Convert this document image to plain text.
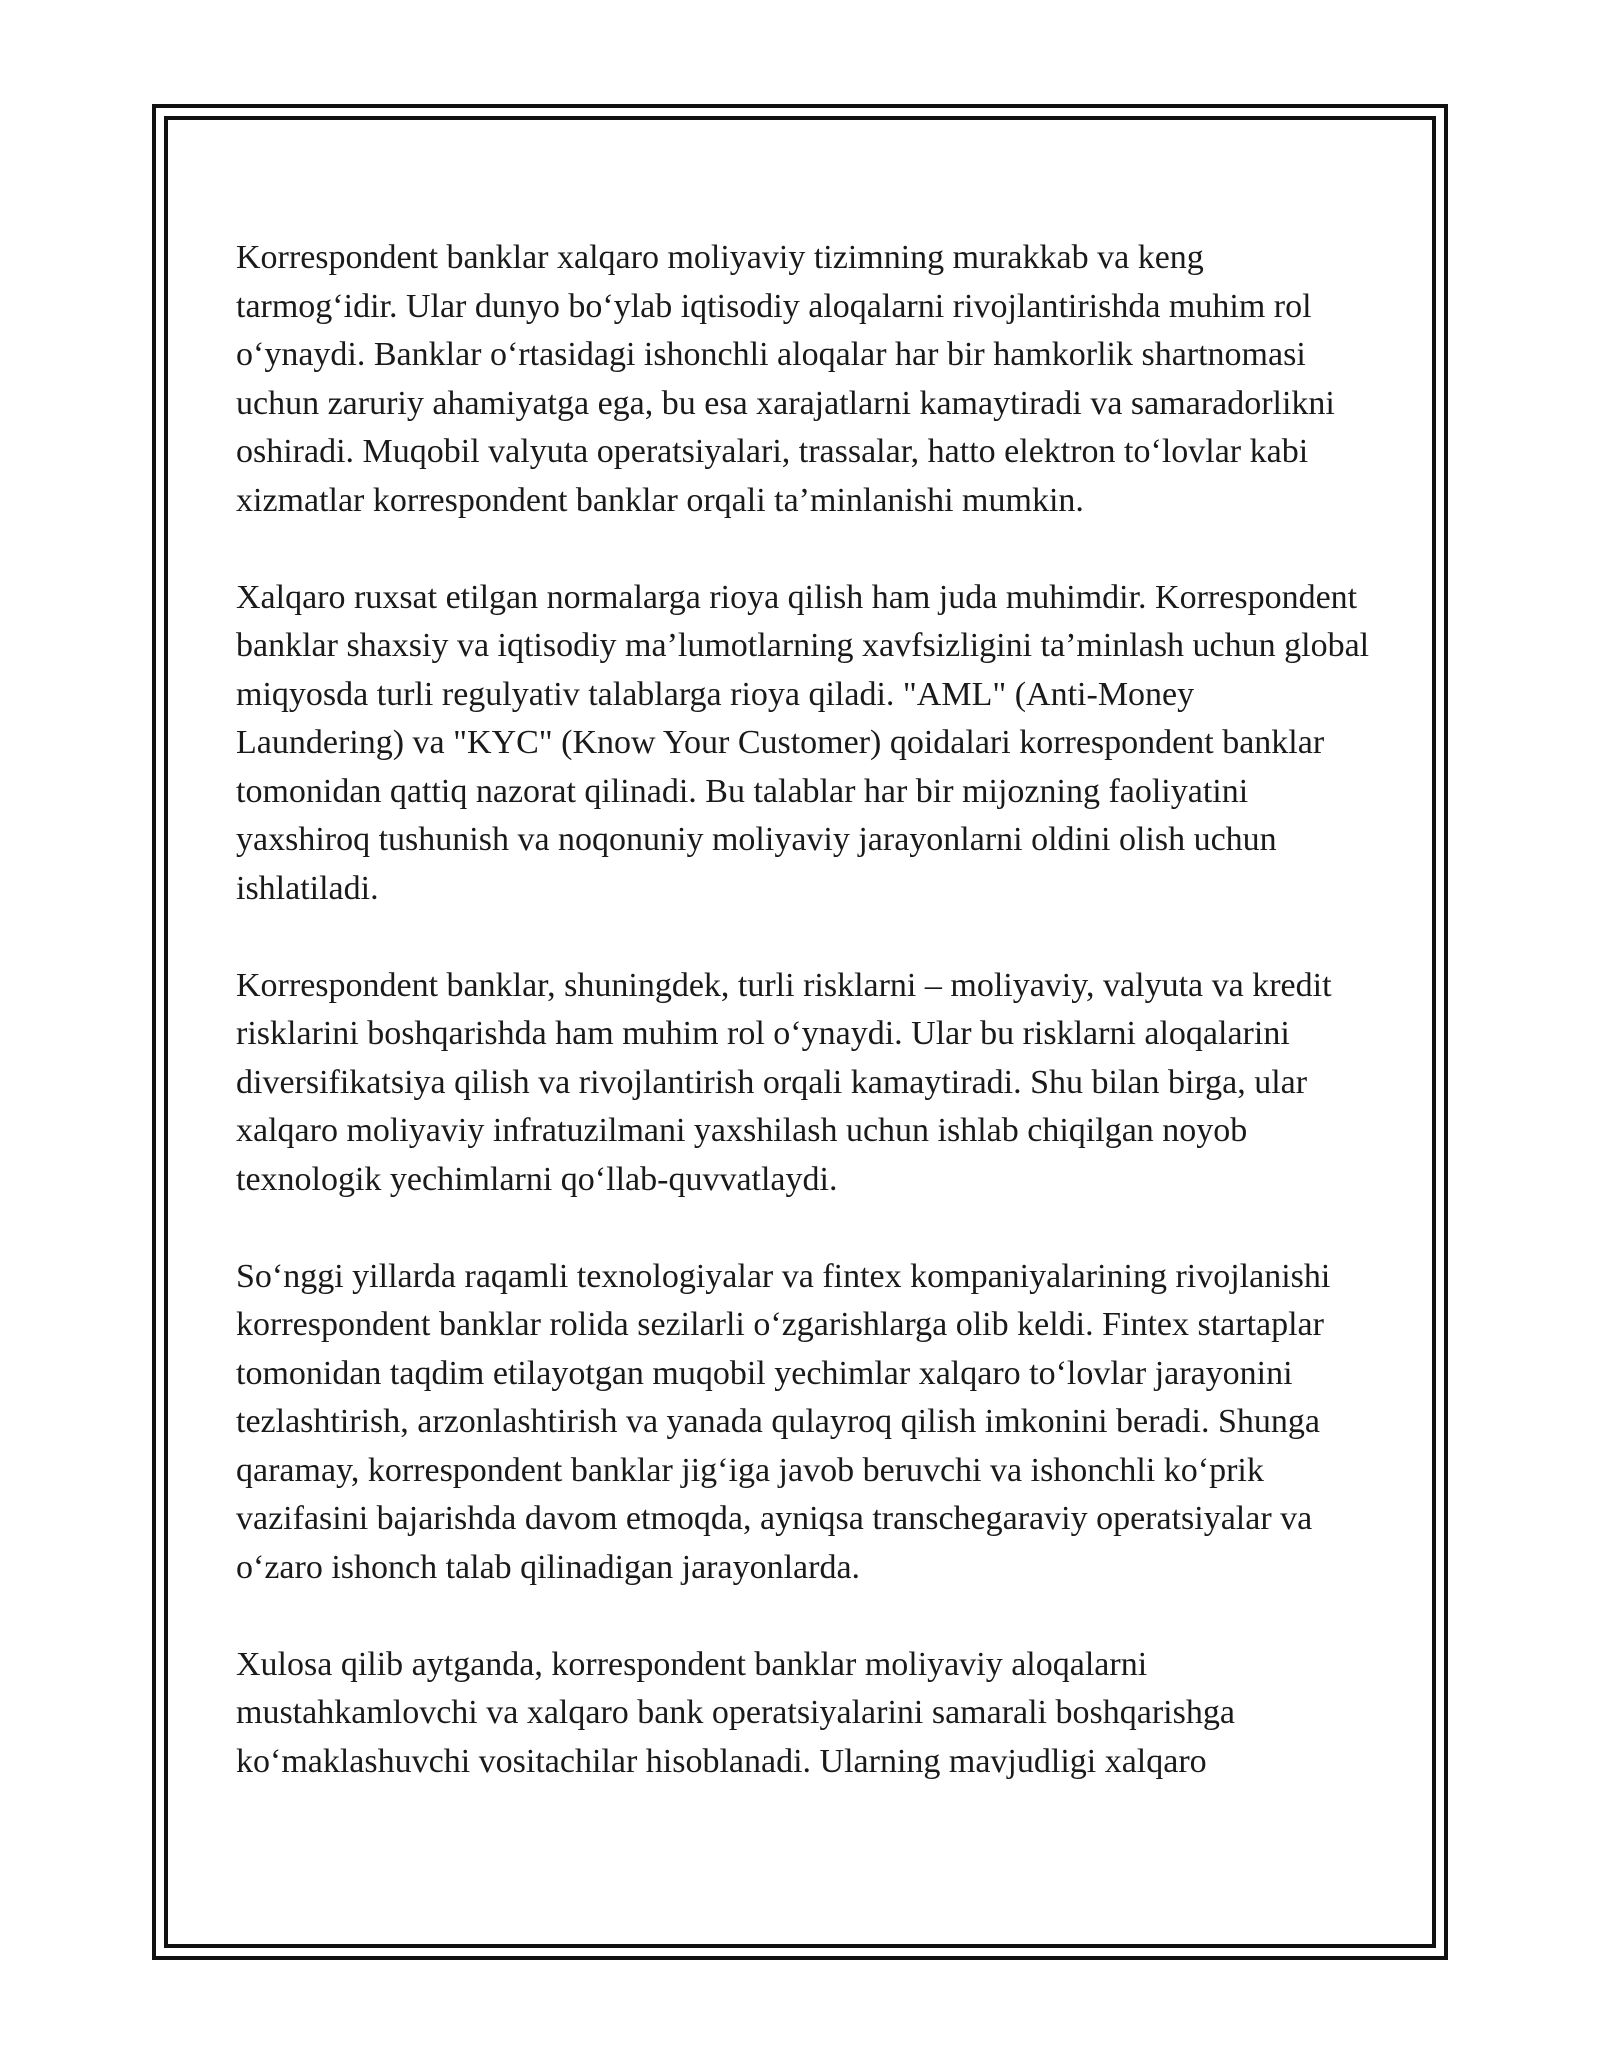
Korrespondent banklar xalqaro moliyaviy tizimning murakkab va keng tarmog‘idir. Ular dunyo bo‘ylab iqtisodiy aloqalarni rivojlantirishda muhim rol o‘ynaydi. Banklar o‘rtasidagi ishonchli aloqalar har bir hamkorlik shartnomasi uchun zaruriy ahamiyatga ega, bu esa xarajatlarni kamaytiradi va samaradorlikni oshiradi. Muqobil valyuta operatsiyalari, trassalar, hatto elektron to‘lovlar kabi xizmatlar korrespondent banklar orqali ta’minlanishi mumkin.

Xalqaro ruxsat etilgan normalarga rioya qilish ham juda muhimdir. Korrespondent banklar shaxsiy va iqtisodiy ma’lumotlarning xavfsizligini ta’minlash uchun global miqyosda turli regulyativ talablarga rioya qiladi. "AML" (Anti-Money Laundering) va "KYC" (Know Your Customer) qoidalari korrespondent banklar tomonidan qattiq nazorat qilinadi. Bu talablar har bir mijozning faoliyatini yaxshiroq tushunish va noqonuniy moliyaviy jarayonlarni oldini olish uchun ishlatiladi.

Korrespondent banklar, shuningdek, turli risklarni – moliyaviy, valyuta va kredit risklarini boshqarishda ham muhim rol o‘ynaydi. Ular bu risklarni aloqalarini diversifikatsiya qilish va rivojlantirish orqali kamaytiradi. Shu bilan birga, ular xalqaro moliyaviy infratuzilmani yaxshilash uchun ishlab chiqilgan noyob texnologik yechimlarni qo‘llab-quvvatlaydi.

So‘nggi yillarda raqamli texnologiyalar va fintex kompaniyalarining rivojlanishi korrespondent banklar rolida sezilarli o‘zgarishlarga olib keldi. Fintex startaplar tomonidan taqdim etilayotgan muqobil yechimlar xalqaro to‘lovlar jarayonini tezlashtirish, arzonlashtirish va yanada qulayroq qilish imkonini beradi. Shunga qaramay, korrespondent banklar jig‘iga javob beruvchi va ishonchli ko‘prik vazifasini bajarishda davom etmoqda, ayniqsa transchegaraviy operatsiyalar va o‘zaro ishonch talab qilinadigan jarayonlarda.

Xulosa qilib aytganda, korrespondent banklar moliyaviy aloqalarni mustahkamlovchi va xalqaro bank operatsiyalarini samarali boshqarishga ko‘maklashuvchi vositachilar hisoblanadi. Ularning mavjudligi xalqaro
